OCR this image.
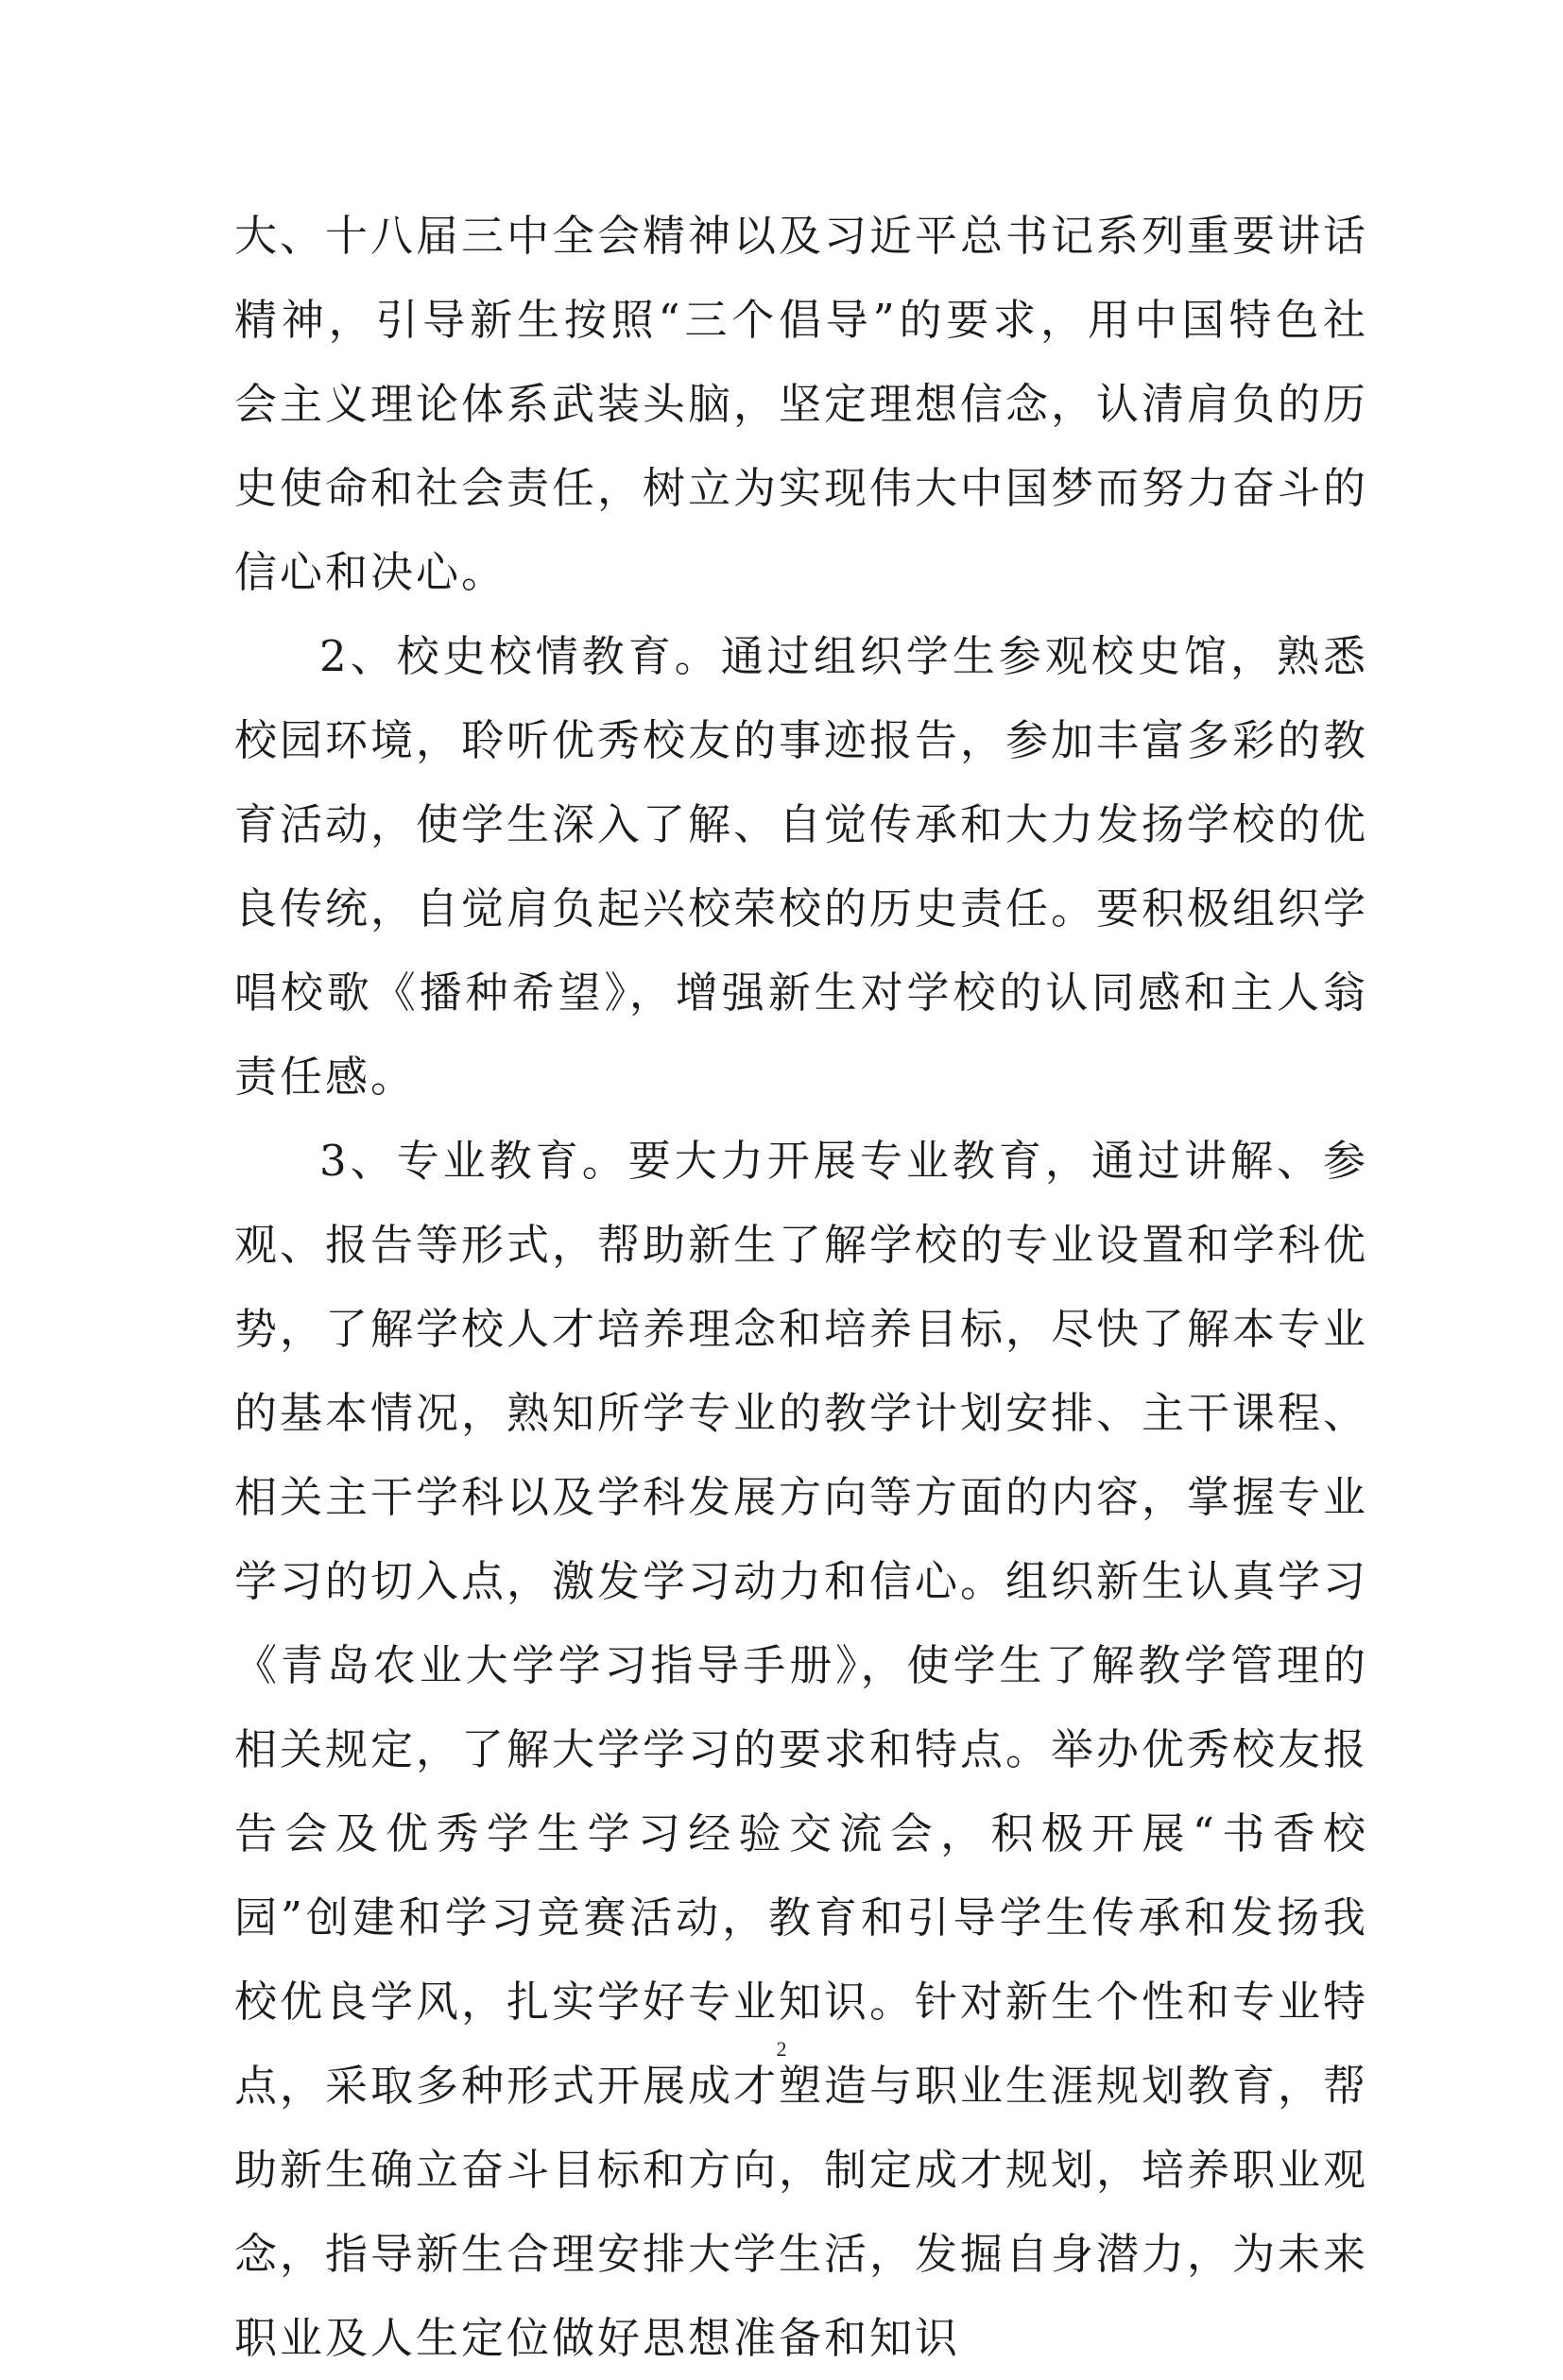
大、十八届三中全会精神以及习近平总书记系列重要讲话精神，引导新生按照“三个倡导”的要求，用中国特色社会主义理论体系武装头脑，坚定理想信念，认清肩负的历史使命和社会责任，树立为实现伟大中国梦而努力奋斗的信心和决心。

2、校史校情教育。通过组织学生参观校史馆，熟悉校园环境，聆听优秀校友的事迹报告，参加丰富多彩的教育活动，使学生深入了解、自觉传承和大力发扬学校的优良传统，自觉肩负起兴校荣校的历史责任。要积极组织学唱校歌《播种希望》，增强新生对学校的认同感和主人翁责任感。

3、专业教育。要大力开展专业教育，通过讲解、参观、报告等形式，帮助新生了解学校的专业设置和学科优势，了解学校人才培养理念和培养目标，尽快了解本专业的基本情况，熟知所学专业的教学计划安排、主干课程、相关主干学科以及学科发展方向等方面的内容，掌握专业学习的切入点，激发学习动力和信心。组织新生认真学习《青岛农业大学学习指导手册》，使学生了解教学管理的相关规定，了解大学学习的要求和特点。举办优秀校友报告会及优秀学生学习经验交流会，积极开展“书香校园”创建和学习竞赛活动，教育和引导学生传承和发扬我校优良学风，扎实学好专业知识。针对新生个性和专业特点，采取多种形式开展成才塑造与职业生涯规划教育，帮助新生确立奋斗目标和方向，制定成才规划，培养职业观念，指导新生合理安排大学生活，发掘自身潜力，为未来职业及人生定位做好思想准备和知识

2
